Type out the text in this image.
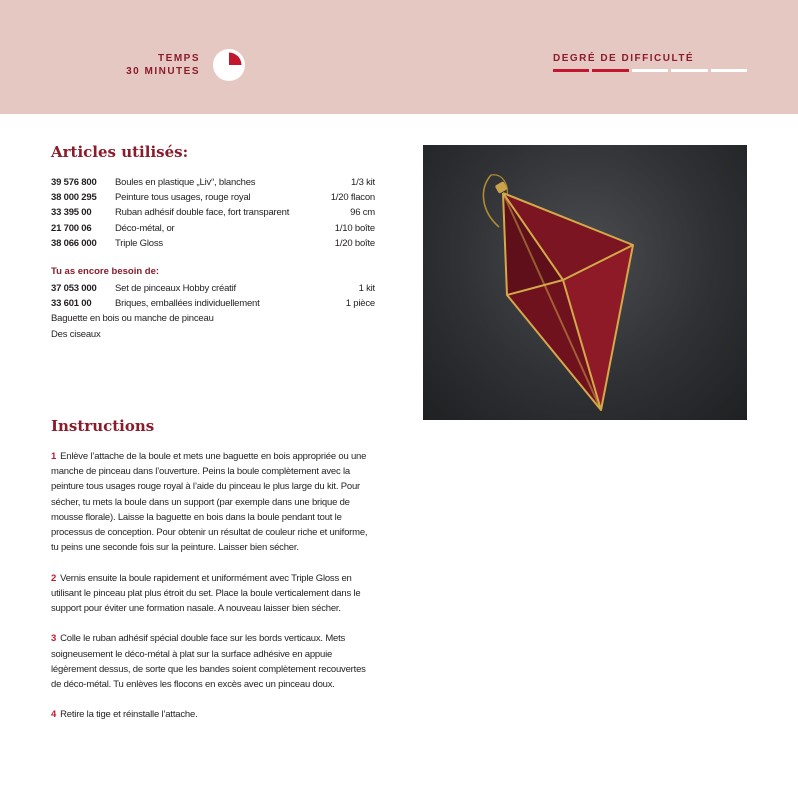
TEMPS
30 MINUTES
DEGRÉ DE DIFFICULTÉ
Articles utilisés:
39 576 800	Boules en plastique „Liv“, blanches	1/3 kit
38 000 295	Peinture tous usages, rouge royal	1/20 flacon
33 395 00	Ruban adhésif double face, fort transparent	96 cm
21 700 06	Déco-métal, or	1/10 boîte
38 066 000	Triple Gloss	1/20 boîte
Tu as encore besoin de:
37 053 000	Set de pinceaux Hobby créatif	1 kit
33 601 00	Briques, emballées individuellement	1 pièce
Baguette en bois ou manche de pinceau
Des ciseaux
Instructions
1 Enlève l’attache de la boule et mets une baguette en bois appropriée ou une manche de pinceau dans l’ouverture. Peins la boule complètement avec la peinture tous usages rouge royal à l’aide du pinceau le plus large du kit. Pour sécher, tu mets la boule dans un support (par exemple dans une brique de mousse florale). Laisse la baguette en bois dans la boule pendant tout le processus de conception. Pour obtenir un résultat de couleur riche et uniforme, tu peins une seconde fois sur la peinture. Laisser bien sécher.
2 Vernis ensuite la boule rapidement et uniformément avec Triple Gloss en utilisant le pinceau plat plus étroit du set. Place la boule verticalement dans le support pour éviter une formation nasale. A nouveau laisser bien sécher.
3 Colle le ruban adhésif spécial double face sur les bords verticaux. Mets soigneusement le déco-métal à plat sur la surface adhésive en appuie légèrement dessus, de sorte que les bandes soient complètement recouvertes de déco-métal. Tu enlèves les flocons en excès avec un pinceau doux.
4 Retire la tige et réinstalle l’attache.
